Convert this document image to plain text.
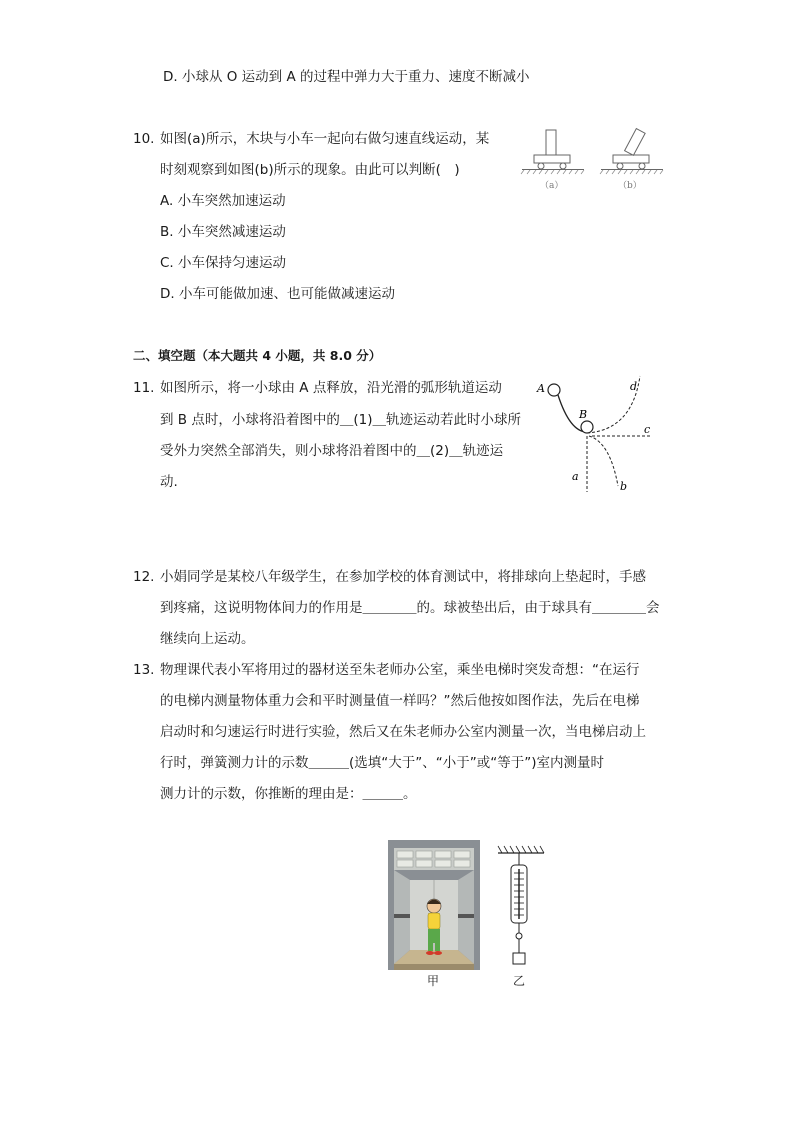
D. 小球从 O 运动到 A 的过程中弹力大于重力、速度不断减小
10. 如图(a)所示，木块与小车一起向右做匀速直线运动，某
时刻观察到如图(b)所示的现象。由此可以判断(　)
A. 小车突然加速运动
B. 小车突然减速运动
C. 小车保持匀速运动
D. 小车可能做加速、也可能做减速运动
（a）	（b）
二、填空题（本大题共 4 小题，共 8.0 分）
11. 如图所示，将一小球由 A 点释放，沿光滑的弧形轨道运动
到 B 点时，小球将沿着图中的＿(1)＿轨迹运动若此时小球所
受外力突然全部消失，则小球将沿着图中的＿(2)＿轨迹运
动.
A
B
d
c
a
b
12. 小娟同学是某校八年级学生，在参加学校的体育测试中，将排球向上垫起时，手感
到疼痛，这说明物体间力的作用是＿＿＿＿的。球被垫出后，由于球具有＿＿＿＿会
继续向上运动。
13. 物理课代表小军将用过的器材送至朱老师办公室，乘坐电梯时突发奇想：“在运行
的电梯内测量物体重力会和平时测量值一样吗？”然后他按如图作法，先后在电梯
启动时和匀速运行时进行实验，然后又在朱老师办公室内测量一次，当电梯启动上
行时，弹簧测力计的示数＿＿＿(选填“大于”、“小于”或“等于”)室内测量时
测力计的示数，你推断的理由是：＿＿＿。
甲	乙
